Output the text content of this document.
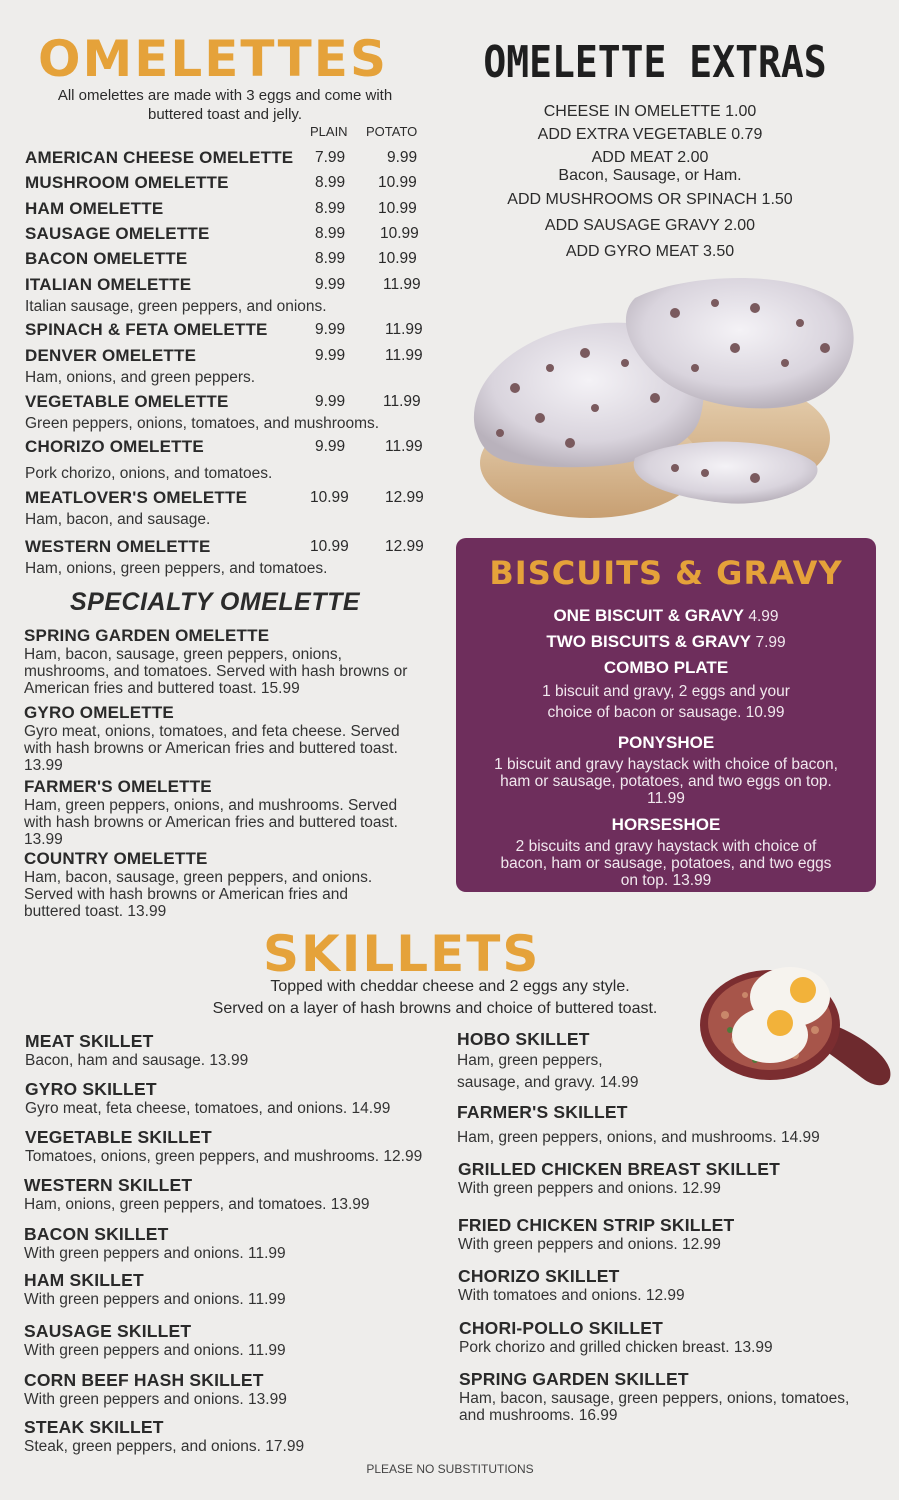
OMELETTES
All omelettes are made with 3 eggs and come with buttered toast and jelly.
PLAIN POTATO
AMERICAN CHEESE OMELETTE 7.99	9.99
MUSHROOM OMELETTE	8.99 10.99
HAM OMELETTE	8.99 10.99
SAUSAGE OMELETTE	8.99 10.99
BACON OMELETTE	8.99 10.99
ITALIAN OMELETTE	9.99 11.99
Italian sausage, green peppers, and onions.
SPINACH & FETA OMELETTE	9.99	11.99
DENVER OMELETTE	9.99	11.99
Ham, onions, and green peppers.
VEGETABLE OMELETTE	9.99 11.99
Green peppers, onions, tomatoes, and mushrooms.
CHORIZO OMELETTE	9.99	11.99
Pork chorizo, onions, and tomatoes.
MEATLOVER'S OMELETTE	10.99 12.99
Ham, bacon, and sausage.
WESTERN OMELETTE	10.99 12.99
Ham, onions, green peppers, and tomatoes.
SPECIALTY OMELETTE
SPRING GARDEN OMELETTE
Ham, bacon, sausage, green peppers, onions, mushrooms, and tomatoes. Served with hash browns or American fries and buttered toast. 15.99
GYRO OMELETTE
Gyro meat, onions, tomatoes, and feta cheese. Served with hash browns or American fries and buttered toast. 13.99
FARMER'S OMELETTE
Ham, green peppers, onions, and mushrooms. Served with hash browns or American fries and buttered toast. 13.99
COUNTRY OMELETTE
Ham, bacon, sausage, green peppers, and onions. Served with hash browns or American fries and buttered toast. 13.99
OMELETTE EXTRAS
CHEESE IN OMELETTE 1.00
ADD EXTRA VEGETABLE 0.79
ADD MEAT 2.00
Bacon, Sausage, or Ham.
ADD MUSHROOMS OR SPINACH 1.50
ADD SAUSAGE GRAVY 2.00
ADD GYRO MEAT 3.50
BISCUITS & GRAVY
ONE BISCUIT & GRAVY 4.99
TWO BISCUITS & GRAVY 7.99
COMBO PLATE
1 biscuit and gravy, 2 eggs and your choice of bacon or sausage. 10.99
PONYSHOE
1 biscuit and gravy haystack with choice of bacon, ham or sausage, potatoes, and two eggs on top. 11.99
HORSESHOE
2 biscuits and gravy haystack with choice of bacon, ham or sausage, potatoes, and two eggs on top. 13.99
SKILLETS
Topped with cheddar cheese and 2 eggs any style.
Served on a layer of hash browns and choice of buttered toast.
MEAT SKILLET
Bacon, ham and sausage. 13.99
GYRO SKILLET
Gyro meat, feta cheese, tomatoes, and onions. 14.99
VEGETABLE SKILLET
Tomatoes, onions, green peppers, and mushrooms. 12.99
WESTERN SKILLET
Ham, onions, green peppers, and tomatoes. 13.99
BACON SKILLET
With green peppers and onions. 11.99
HAM SKILLET
With green peppers and onions. 11.99
SAUSAGE SKILLET
With green peppers and onions. 11.99
CORN BEEF HASH SKILLET
With green peppers and onions. 13.99
STEAK SKILLET
Steak, green peppers, and onions. 17.99
HOBO SKILLET
Ham, green peppers, sausage, and gravy. 14.99
FARMER'S SKILLET
Ham, green peppers, onions, and mushrooms. 14.99
GRILLED CHICKEN BREAST SKILLET
With green peppers and onions. 12.99
FRIED CHICKEN STRIP SKILLET
With green peppers and onions. 12.99
CHORIZO SKILLET
With tomatoes and onions. 12.99
CHORI-POLLO SKILLET
Pork chorizo and grilled chicken breast. 13.99
SPRING GARDEN SKILLET
Ham, bacon, sausage, green peppers, onions, tomatoes, and mushrooms. 16.99
PLEASE NO SUBSTITUTIONS
